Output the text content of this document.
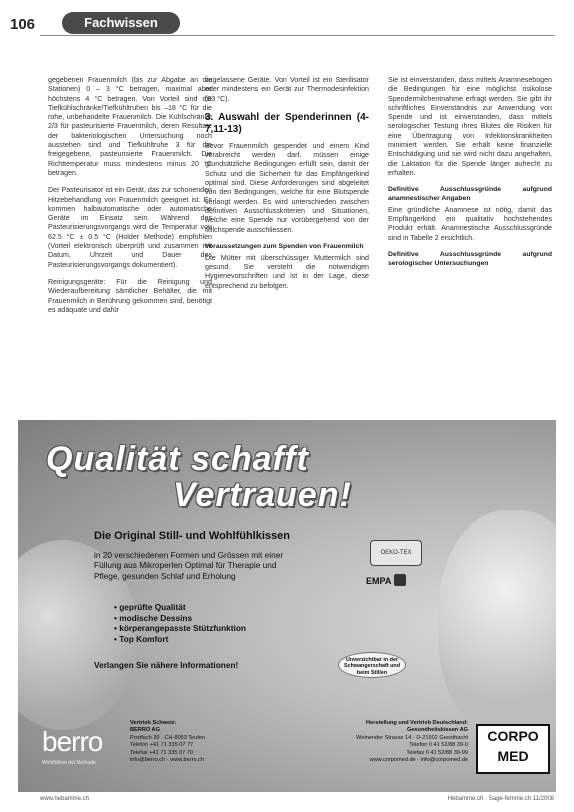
106	Fachwissen

gegebenen Frauenmilch (bis zur Abgabe an die Stationen) 0 – 3 °C betragen, maximal aber höchstens 4 °C betragen. Von Vorteil sind die Tiefkühlschränke/Tiefkühltruhen bis –18 °C für die rohe, unbehandelte Frauenmilch. Die Kühlschränke 2/3 für pasteurisierte Frauenmilch, deren Resultate der bakteriologischen Untersuchung noch ausstehen sind und Tiefkühltruhe 3 für die freigegebene, pasteurisierte Frauenmilch. Die Richttemperatur muss mindestens minus 20 °C betragen.

Der Pasteurisator ist ein Gerät, das zur schonenden Hitzebehandlung von Frauenmilch geeignet ist. Es kommen halbautomatische oder automatische Geräte im Einsatz sein. Während des Pasteurisierungsvorgangs wird die Temperatur von 62.5 °C ± 0.5 °C (Holder Methode) empfohlen (Vorteil elektronisch überprüft und zusammen mit Datum, Uhrzeit und Dauer des Pasteurisierungsvorgangs dokumentiert).

Reinigungsgeräte: Für die Reinigung und Wiederaufbereitung sämtlicher Behälter, die mit Frauenmilch in Berührung gekommen sind, benötigt es adäquate und dafür

zugelassene Geräte. Von Vorteil ist ein Sterilisator oder mindestens ein Gerät zur Thermodesinfektion (93 °C).

3. Auswahl der Spenderinnen (4-7,11-13)

Bevor Frauenmilch gespendet und einem Kind verabreicht werden darf, müssen einige grundsätzliche Bedingungen erfüllt sein, damit der Schutz und die Sicherheit für das Empfängerkind optimal sind. Diese Anforderungen sind abgeleitet von den Bedingungen, welche für eine Blutspende verlangt werden. Es wird unterschieden zwischen definitiven Ausschlusskriterien und Situationen, welche eine Spende nur vorübergehend von der Milchspende ausschliessen.

Voraussetzungen zum Spenden von Frauenmilch

Die Mütter mit überschüssiger Muttermilch sind gesund. Sie versteht die notwendigen Hygienevorschriften und ist in der Lage, diese entsprechend zu befolgen.

Sie ist einverstanden, dass mittels Anamnesebogen die Bedingungen für eine möglichst risikolose Spendermilchentnahme erfragt werden. Sie gibt ihr schriftliches Einverständnis zur Anwendung von Spende und ist einverstanden, dass mittels serologischer Testung ihres Blutes die Risiken für eine Übertragung von Infektionskrankheiten minimiert werden. Sie erhält keine finanzielle Entschädigung und sie wird nicht dazu angehalten, die Laktation für die Spende länger aufrecht zu erhalten.

Definitive Ausschlussgründe aufgrund anamnestischer Angaben

Eine gründliche Anamnese ist nötig, damit das Empfängerkind ein qualitativ hochstehendes Produkt erhält. Anamnestische Ausschlussgründe sind in Tabelle 2 ersichtlich.

Definitive Ausschlussgründe aufgrund serologischer Untersuchungen
Qualität schafft
Vertrauen!
Die Original Still- und Wohlfühlkissen
in 20 verschiedenen Formen und Grössen mit einer Füllung aus Mikroperlen Optimal für Therapie und Pflege, gesunden Schlaf und Erholung
• geprüfte Qualität
• modische Dessins
• körperangepasste Stützfunktion
• Top Komfort
Verlangen Sie nähere Informationen!
OEKO-TEX
EMPA
Unverzichtbar in der Schwangerschaft und beim Stillen
berro
Wohlfühlen mit Methode
Vertrieb Schweiz:
BERRO AG
Postfach 30 · CH-8053 Teufen
Telefon +41 71 335 07 77
Telefax +41 71 335 07 70
info@berro.ch · www.berro.ch
Herstellung und Vertrieb Deutschland:
Gesundheitskissen AG
Weinender Strasse 14 · D-21502 Geesthacht
Telefon 0 41 52/88 39-0
Telefax 0 41 52/88 39-99
www.corpomed.de · info@corpomed.de
CORPO
MED
www.hebamme.ch	Hebamme.ch · Sage-femme.ch 11/2008
